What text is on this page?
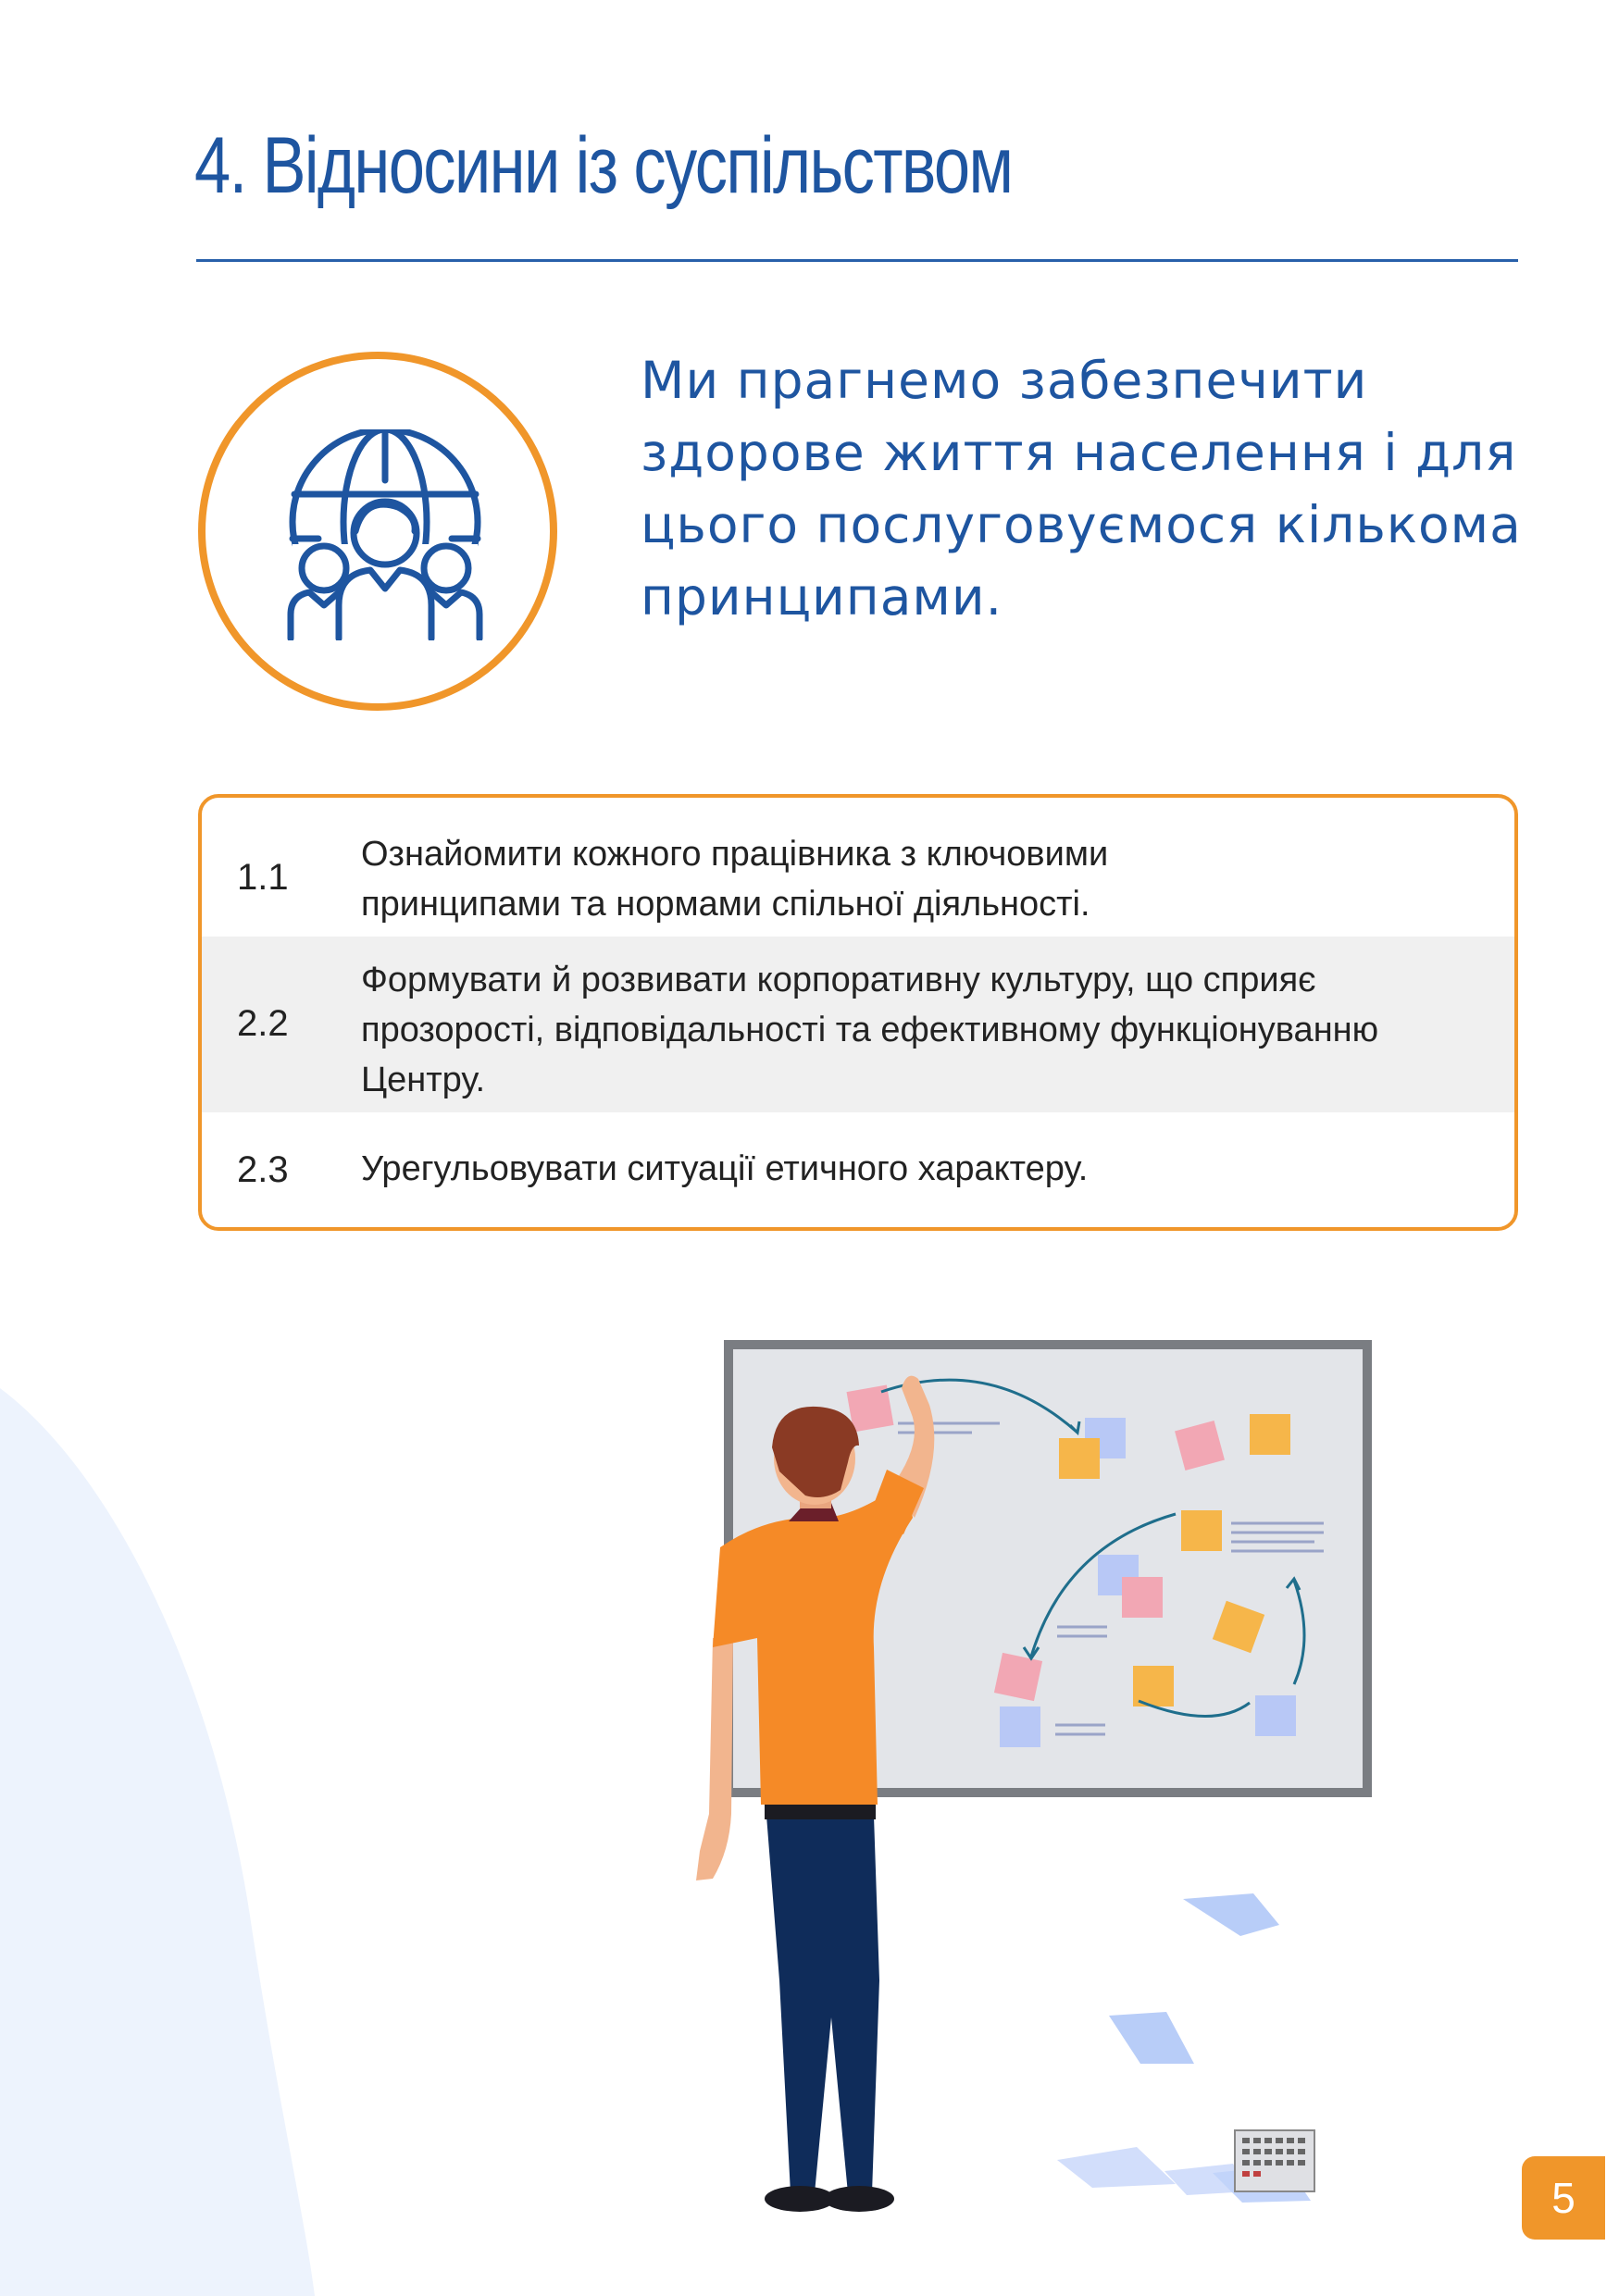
4. Відносини із суспільством
Ми прагнемо забезпечити здорове життя населення і для цього послуговуємося кількома принципами.
1.1
Ознайомити кожного працівника з ключовими принципами та нормами спільної діяльності.
2.2
Формувати й розвивати корпоративну культуру, що сприяє прозорості, відповідальності та ефективному функціонуванню Центру.
2.3 Урегульовувати ситуації етичного характеру.
5
